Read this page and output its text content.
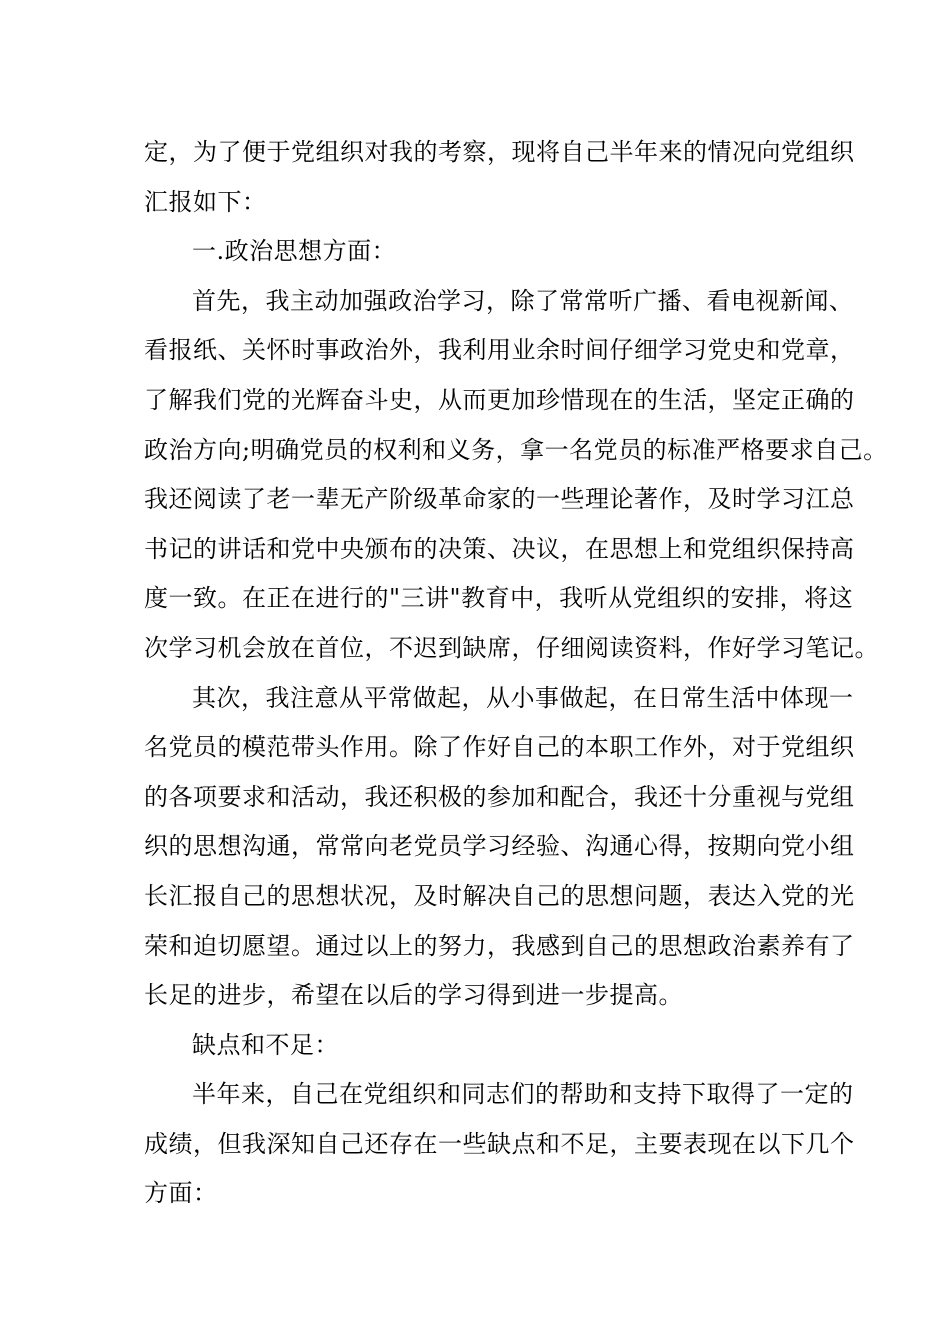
定，为了便于党组织对我的考察，现将自己半年来的情况向党组织
汇报如下：
一.政治思想方面：
首先，我主动加强政治学习，除了常常听广播、看电视新闻、
看报纸、关怀时事政治外，我利用业余时间仔细学习党史和党章，
了解我们党的光辉奋斗史，从而更加珍惜现在的生活，坚定正确的
政治方向;明确党员的权利和义务，拿一名党员的标准严格要求自己。
我还阅读了老一辈无产阶级革命家的一些理论著作，及时学习江总
书记的讲话和党中央颁布的决策、决议，在思想上和党组织保持高
度一致。在正在进行的"三讲"教育中，我听从党组织的安排，将这
次学习机会放在首位，不迟到缺席，仔细阅读资料，作好学习笔记。
其次，我注意从平常做起，从小事做起，在日常生活中体现一
名党员的模范带头作用。除了作好自己的本职工作外，对于党组织
的各项要求和活动，我还积极的参加和配合，我还十分重视与党组
织的思想沟通，常常向老党员学习经验、沟通心得，按期向党小组
长汇报自己的思想状况，及时解决自己的思想问题，表达入党的光
荣和迫切愿望。通过以上的努力，我感到自己的思想政治素养有了
长足的进步，希望在以后的学习得到进一步提高。
缺点和不足：
半年来，自己在党组织和同志们的帮助和支持下取得了一定的
成绩，但我深知自己还存在一些缺点和不足，主要表现在以下几个
方面：
